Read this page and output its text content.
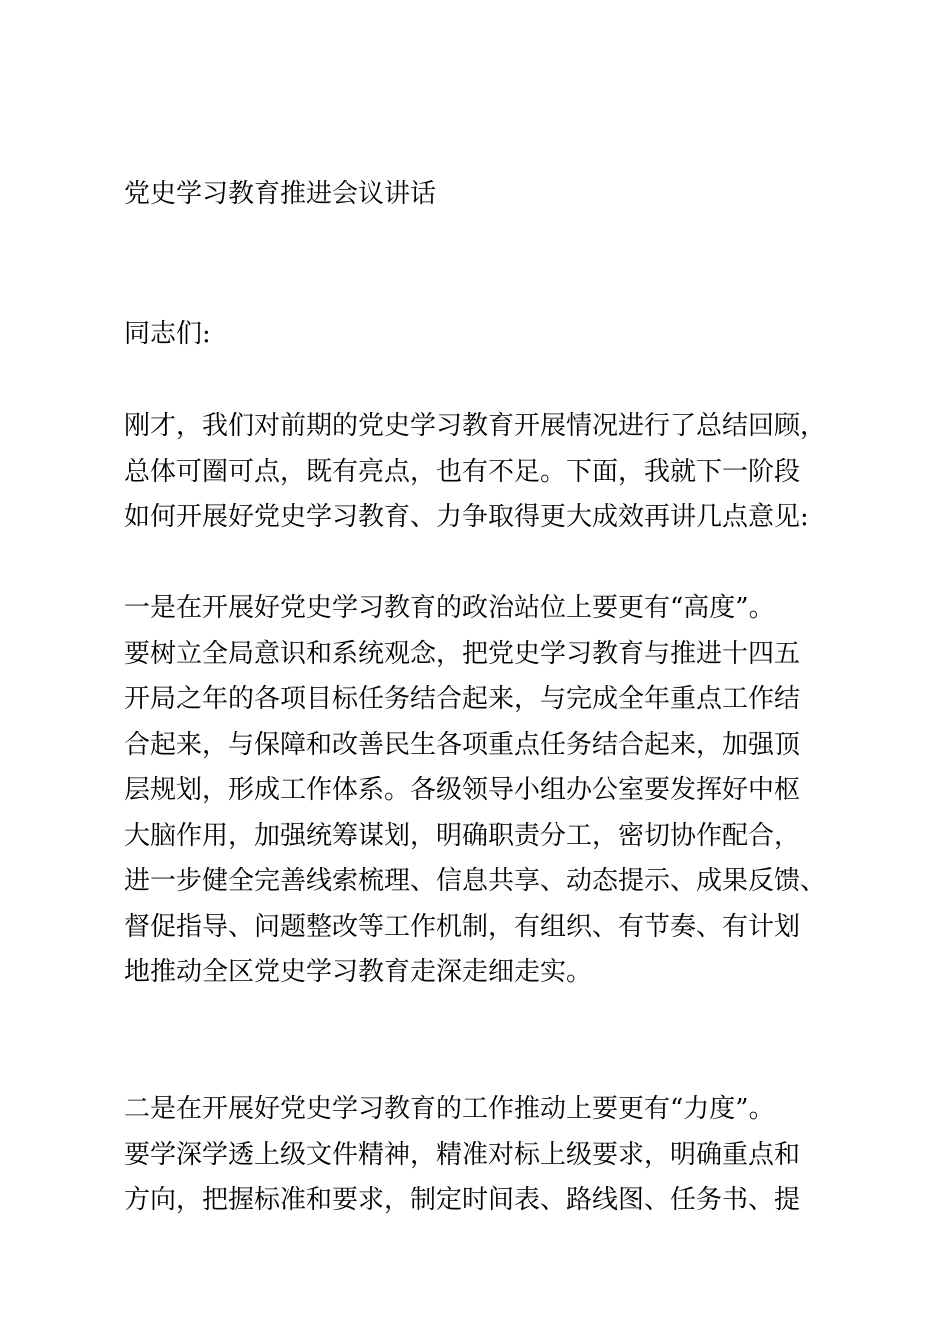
党史学习教育推进会议讲话
同志们:
刚才，我们对前期的党史学习教育开展情况进行了总结回顾，
总体可圈可点，既有亮点，也有不足。下面，我就下一阶段
如何开展好党史学习教育、力争取得更大成效再讲几点意见:
一是在开展好党史学习教育的政治站位上要更有“高度”。
要树立全局意识和系统观念，把党史学习教育与推进十四五
开局之年的各项目标任务结合起来，与完成全年重点工作结
合起来，与保障和改善民生各项重点任务结合起来，加强顶
层规划，形成工作体系。各级领导小组办公室要发挥好中枢
大脑作用，加强统筹谋划，明确职责分工，密切协作配合，
进一步健全完善线索梳理、信息共享、动态提示、成果反馈、
督促指导、问题整改等工作机制，有组织、有节奏、有计划
地推动全区党史学习教育走深走细走实。
二是在开展好党史学习教育的工作推动上要更有“力度”。
要学深学透上级文件精神，精准对标上级要求，明确重点和
方向，把握标准和要求，制定时间表、路线图、任务书、提
